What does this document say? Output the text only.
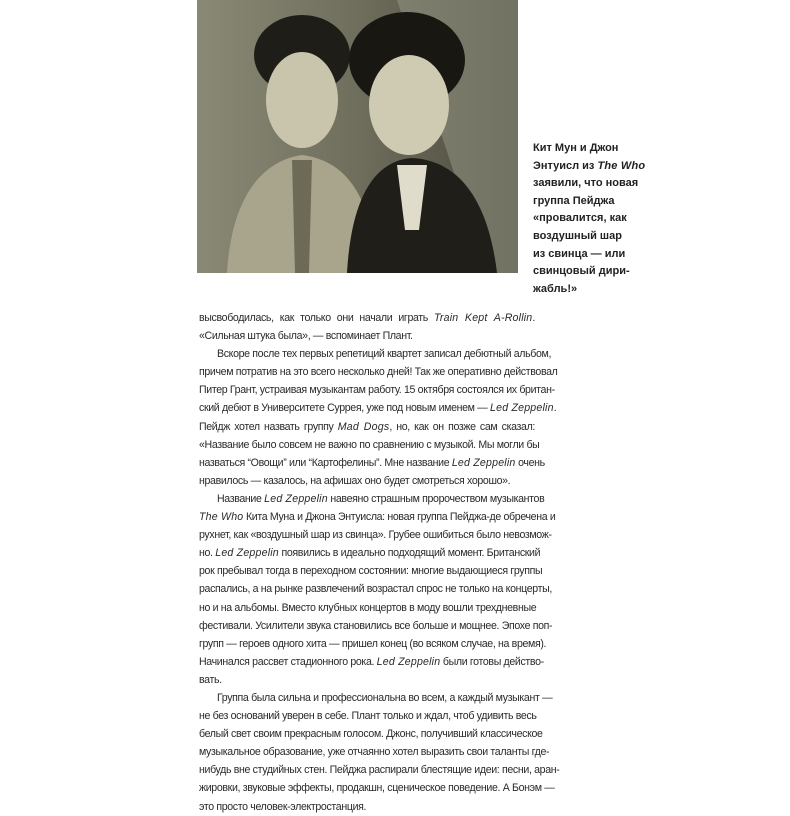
Кит Мун и Джон
Энтуисл из The Who
заявили, что новая
группа Пейджа
«провалится, как
воздушный шар
из свинца — или
свинцовый дири-
жабль!»
высвободилась, как только они начали играть Train Kept A-Rollin.
«Сильная штука была», — вспоминает Плант.
Вскоре после тех первых репетиций квартет записал дебютный альбом,
причем потратив на это всего несколько дней! Так же оперативно действовал
Питер Грант, устраивая музыкантам работу. 15 октября состоялся их британ-
ский дебют в Университете Суррея, уже под новым именем — Led Zeppelin.
Пейдж хотел назвать группу Mad Dogs, но, как он позже сам сказал:
«Название было совсем не важно по сравнению с музыкой. Мы могли бы
назваться “Овощи” или “Картофелины”. Мне название Led Zeppelin очень
нравилось — казалось, на афишах оно будет смотреться хорошо».
Название Led Zeppelin навеяно страшным пророчеством музыкантов
The Who Кита Муна и Джона Энтуисла: новая группа Пейджа-де обречена и
рухнет, как «воздушный шар из свинца». Грубее ошибиться было невозмож-
но. Led Zeppelin появились в идеально подходящий момент. Британский
рок пребывал тогда в переходном состоянии: многие выдающиеся группы
распались, а на рынке развлечений возрастал спрос не только на концерты,
но и на альбомы. Вместо клубных концертов в моду вошли трехдневные
фестивали. Усилители звука становились все больше и мощнее. Эпохе поп-
групп — героев одного хита — пришел конец (во всяком случае, на время).
Начинался рассвет стадионного рока. Led Zeppelin были готовы действо-
вать.
Группа была сильна и профессиональна во всем, а каждый музыкант —
не без оснований уверен в себе. Плант только и ждал, чтоб удивить весь
белый свет своим прекрасным голосом. Джонс, получивший классическое
музыкальное образование, уже отчаянно хотел выразить свои таланты где-
нибудь вне студийных стен. Пейджа распирали блестящие идеи: песни, аран-
жировки, звуковые эффекты, продакшн, сценическое поведение. А Бонэм —
это просто человек-электростанция.
